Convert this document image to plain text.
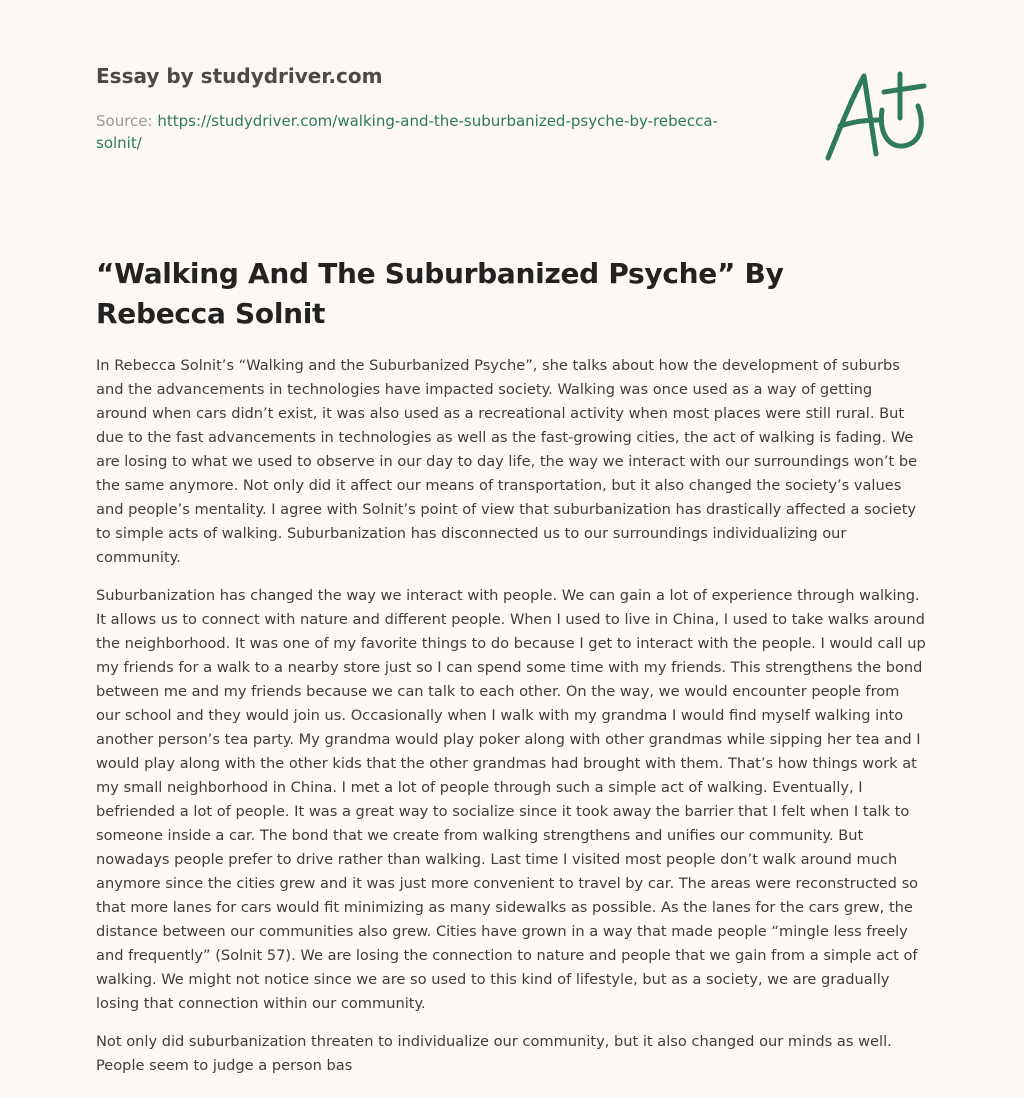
Essay by studydriver.com
Source: https://studydriver.com/walking-and-the-suburbanized-psyche-by-rebecca-solnit/
“Walking And The Suburbanized Psyche” By Rebecca Solnit

In Rebecca Solnit’s “Walking and the Suburbanized Psyche”, she talks about how the development of suburbs and the advancements in technologies have impacted society. Walking was once used as a way of getting around when cars didn’t exist, it was also used as a recreational activity when most places were still rural. But due to the fast advancements in technologies as well as the fast-growing cities, the act of walking is fading. We are losing to what we used to observe in our day to day life, the way we interact with our surroundings won’t be the same anymore. Not only did it affect our means of transportation, but it also changed the society’s values and people’s mentality. I agree with Solnit’s point of view that suburbanization has drastically affected a society to simple acts of walking. Suburbanization has disconnected us to our surroundings individualizing our community.

Suburbanization has changed the way we interact with people. We can gain a lot of experience through walking. It allows us to connect with nature and different people. When I used to live in China, I used to take walks around the neighborhood. It was one of my favorite things to do because I get to interact with the people. I would call up my friends for a walk to a nearby store just so I can spend some time with my friends. This strengthens the bond between me and my friends because we can talk to each other. On the way, we would encounter people from our school and they would join us. Occasionally when I walk with my grandma I would find myself walking into another person’s tea party. My grandma would play poker along with other grandmas while sipping her tea and I would play along with the other kids that the other grandmas had brought with them. That’s how things work at my small neighborhood in China. I met a lot of people through such a simple act of walking. Eventually, I befriended a lot of people. It was a great way to socialize since it took away the barrier that I felt when I talk to someone inside a car. The bond that we create from walking strengthens and unifies our community. But nowadays people prefer to drive rather than walking. Last time I visited most people don’t walk around much anymore since the cities grew and it was just more convenient to travel by car. The areas were reconstructed so that more lanes for cars would fit minimizing as many sidewalks as possible. As the lanes for the cars grew, the distance between our communities also grew. Cities have grown in a way that made people “mingle less freely and frequently” (Solnit 57). We are losing the connection to nature and people that we gain from a simple act of walking. We might not notice since we are so used to this kind of lifestyle, but as a society, we are gradually losing that connection within our community.

Not only did suburbanization threaten to individualize our community, but it also changed our minds as well. People seem to judge a person bas
